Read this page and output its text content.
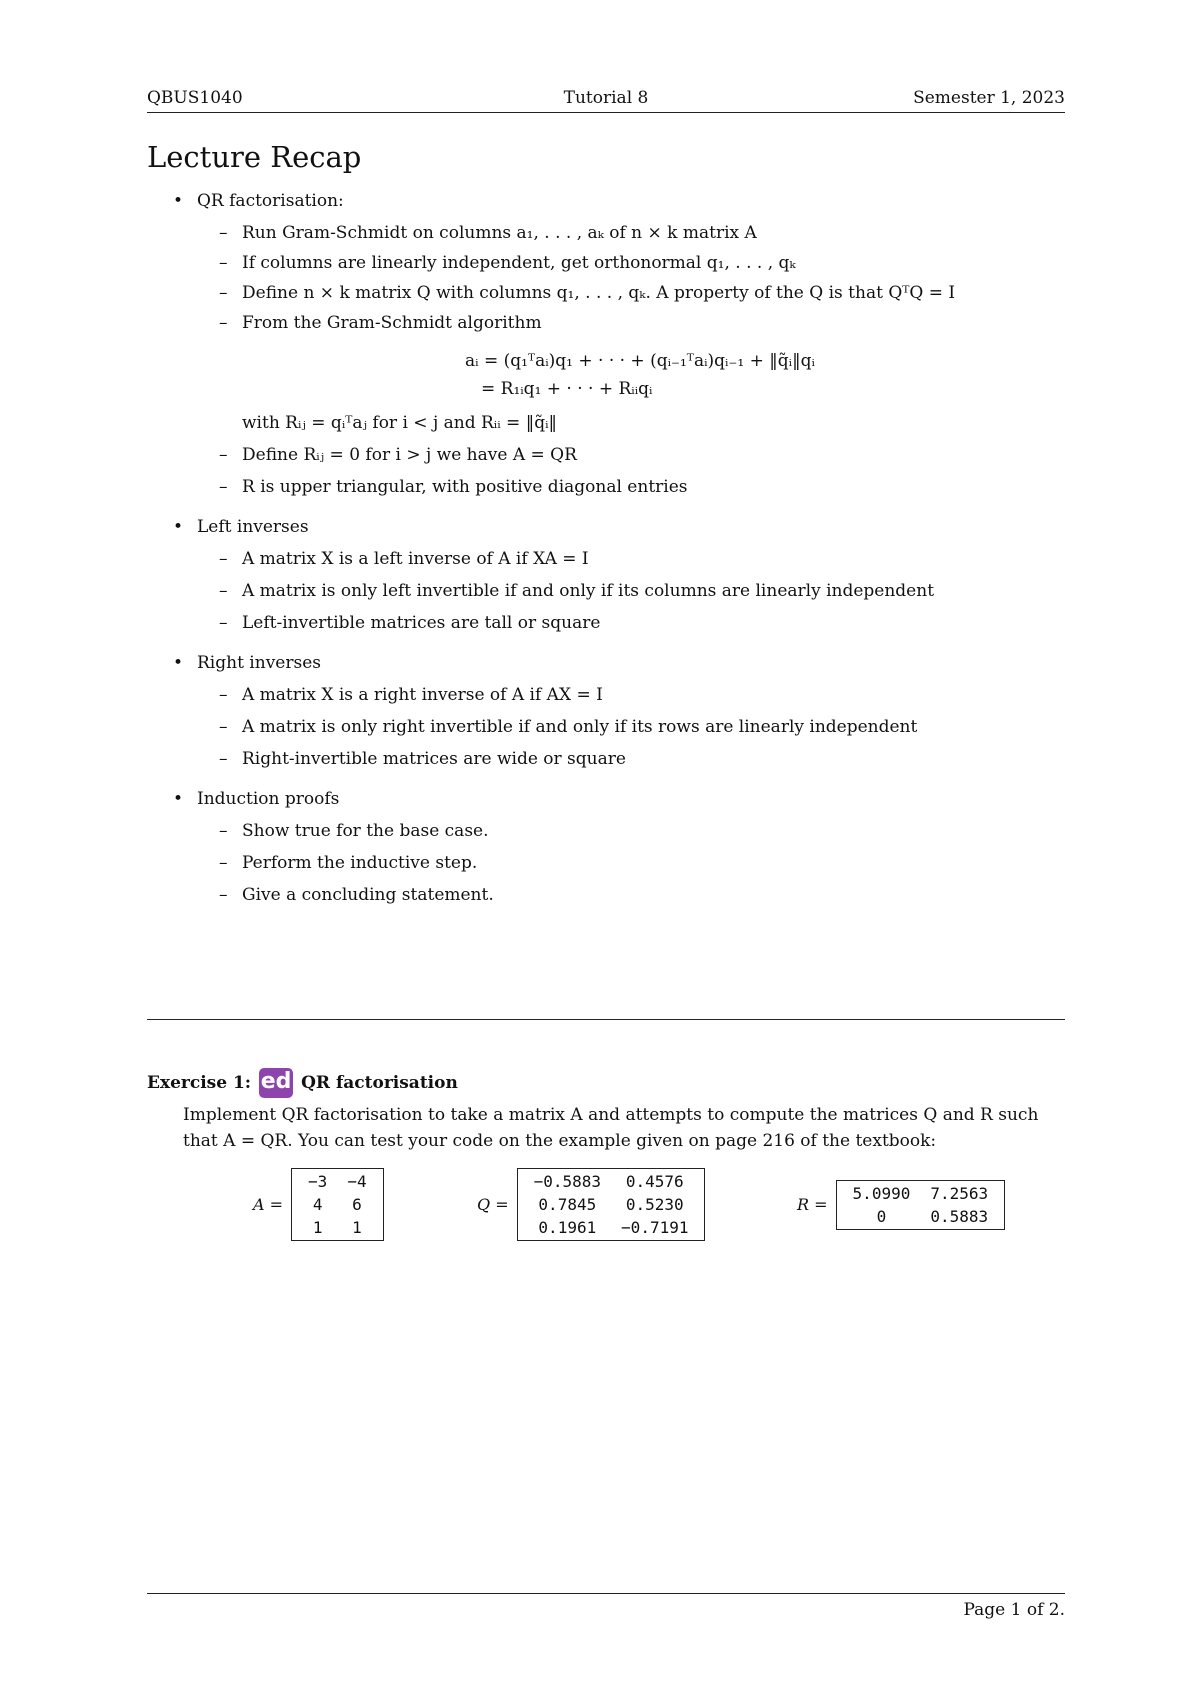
QBUS1040	Tutorial 8	Semester 1, 2023
Lecture Recap

• QR factorisation:

– Run Gram-Schmidt on columns a₁, . . . , aₖ of n × k matrix A

– If columns are linearly independent, get orthonormal q₁, . . . , qₖ

– Define n × k matrix Q with columns q₁, . . . , qₖ. A property of the Q is that QᵀQ = I

– From the Gram-Schmidt algorithm

aᵢ = (q₁ᵀaᵢ)q₁ + · · · + (qᵢ₋₁ᵀaᵢ)qᵢ₋₁ + ‖q̃ᵢ‖qᵢ
= R₁ᵢq₁ + · · · + Rᵢᵢqᵢ

with Rᵢⱼ = qᵢᵀaⱼ for i < j and Rᵢᵢ = ‖q̃ᵢ‖

– Define Rᵢⱼ = 0 for i > j we have A = QR

– R is upper triangular, with positive diagonal entries

• Left inverses

– A matrix X is a left inverse of A if XA = I

– A matrix is only left invertible if and only if its columns are linearly independent

– Left-invertible matrices are tall or square

• Right inverses

– A matrix X is a right inverse of A if AX = I

– A matrix is only right invertible if and only if its rows are linearly independent

– Right-invertible matrices are wide or square

• Induction proofs

– Show true for the base case.

– Perform the inductive step.

– Give a concluding statement.

Exercise 1: ed QR factorisation
Implement QR factorisation to take a matrix A and attempts to compute the matrices Q and R such that A = QR. You can test your code on the example given on page 216 of the textbook:
A =
−3	−4
4	6
1	1
Q =
−0.5883	0.4576
0.7845	0.5230
0.1961	−0.7191
R =
5.0990	7.2563
0	0.5883
Page 1 of 2.
